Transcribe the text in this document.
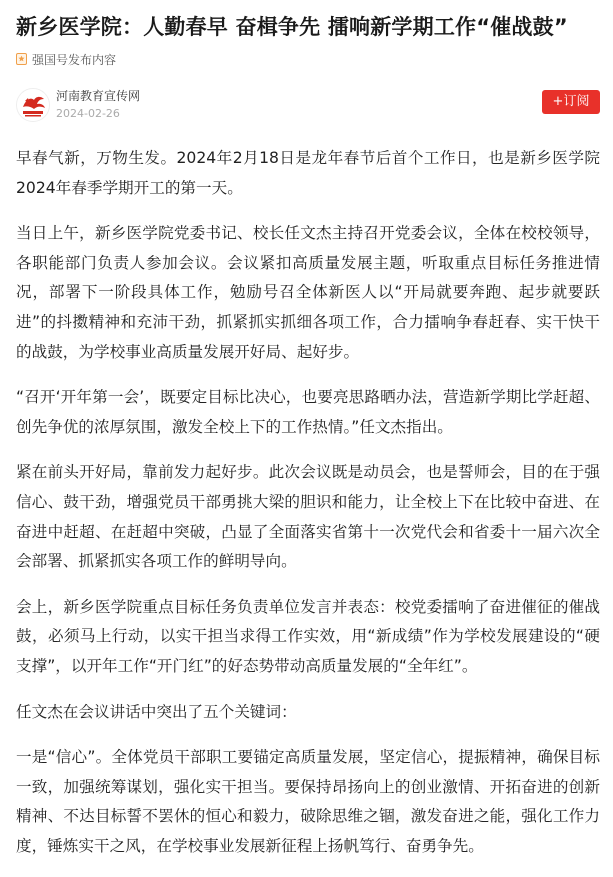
新乡医学院：人勤春早 奋楫争先 擂响新学期工作“催战鼓”
强国号发布内容
河南教育宣传网
2024-02-26
+订阅

早春气新，万物生发。2024年2月18日是龙年春节后首个工作日，也是新乡医学院2024年春季学期开工的第一天。

当日上午，新乡医学院党委书记、校长任文杰主持召开党委会议，全体在校校领导，各职能部门负责人参加会议。会议紧扣高质量发展主题，听取重点目标任务推进情况，部署下一阶段具体工作，勉励号召全体新医人以“开局就要奔跑、起步就要跃进”的抖擞精神和充沛干劲，抓紧抓实抓细各项工作，合力擂响争春赶春、实干快干的战鼓，为学校事业高质量发展开好局、起好步。

“召开‘开年第一会’，既要定目标比决心，也要亮思路晒办法，营造新学期比学赶超、创先争优的浓厚氛围，激发全校上下的工作热情。”任文杰指出。

紧在前头开好局，靠前发力起好步。此次会议既是动员会，也是誓师会，目的在于强信心、鼓干劲，增强党员干部勇挑大梁的胆识和能力，让全校上下在比较中奋进、在奋进中赶超、在赶超中突破，凸显了全面落实省第十一次党代会和省委十一届六次全会部署、抓紧抓实各项工作的鲜明导向。

会上，新乡医学院重点目标任务负责单位发言并表态：校党委擂响了奋进催征的催战鼓，必须马上行动，以实干担当求得工作实效，用“新成绩”作为学校发展建设的“硬支撑”，以开年工作“开门红”的好态势带动高质量发展的“全年红”。

任文杰在会议讲话中突出了五个关键词：

一是“信心”。全体党员干部职工要锚定高质量发展，坚定信心，提振精神，确保目标一致，加强统筹谋划，强化实干担当。要保持昂扬向上的创业激情、开拓奋进的创新精神、不达目标誓不罢休的恒心和毅力，破除思维之锢，激发奋进之能，强化工作力度，锤炼实干之风，在学校事业发展新征程上扬帆笃行、奋勇争先。
